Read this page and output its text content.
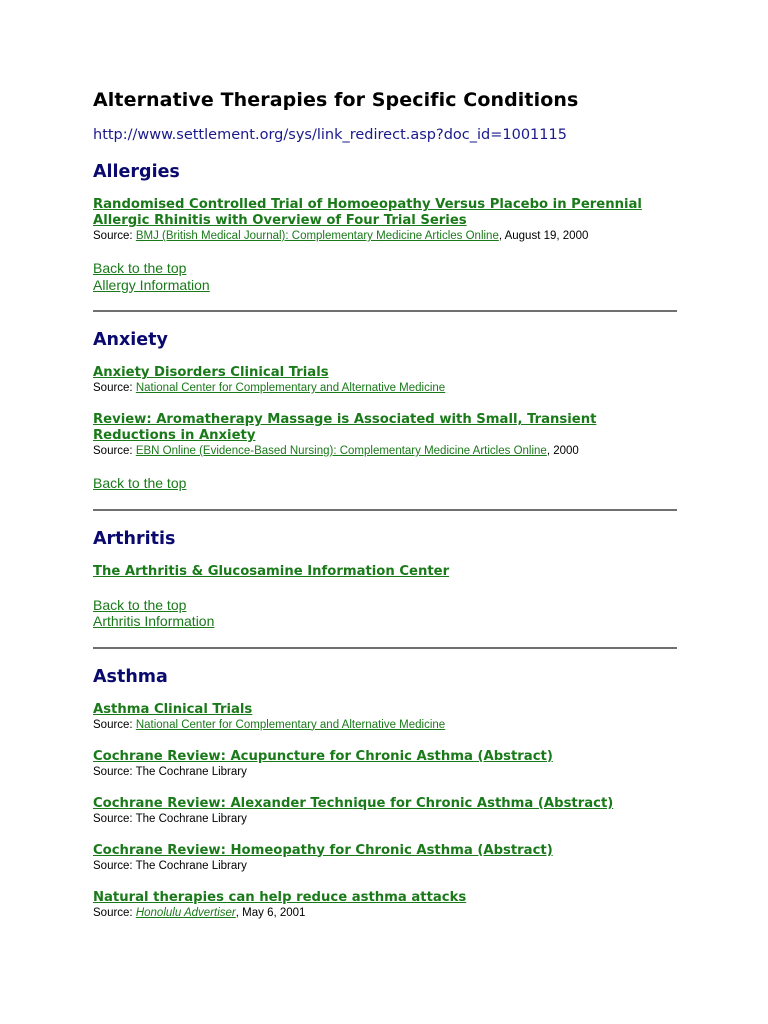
Alternative Therapies for Specific Conditions
http://www.settlement.org/sys/link_redirect.asp?doc_id=1001115
Allergies
Randomised Controlled Trial of Homoeopathy Versus Placebo in Perennial
Allergic Rhinitis with Overview of Four Trial Series
Source: BMJ (British Medical Journal): Complementary Medicine Articles Online, August 19, 2000
Back to the top
Allergy Information
Anxiety
Anxiety Disorders Clinical Trials
Source: National Center for Complementary and Alternative Medicine
Review: Aromatherapy Massage is Associated with Small, Transient
Reductions in Anxiety
Source: EBN Online (Evidence-Based Nursing): Complementary Medicine Articles Online, 2000
Back to the top
Arthritis
The Arthritis & Glucosamine Information Center
Back to the top
Arthritis Information
Asthma
Asthma Clinical Trials
Source: National Center for Complementary and Alternative Medicine
Cochrane Review: Acupuncture for Chronic Asthma (Abstract)
Source: The Cochrane Library
Cochrane Review: Alexander Technique for Chronic Asthma (Abstract)
Source: The Cochrane Library
Cochrane Review: Homeopathy for Chronic Asthma (Abstract)
Source: The Cochrane Library
Natural therapies can help reduce asthma attacks
Source: Honolulu Advertiser, May 6, 2001
